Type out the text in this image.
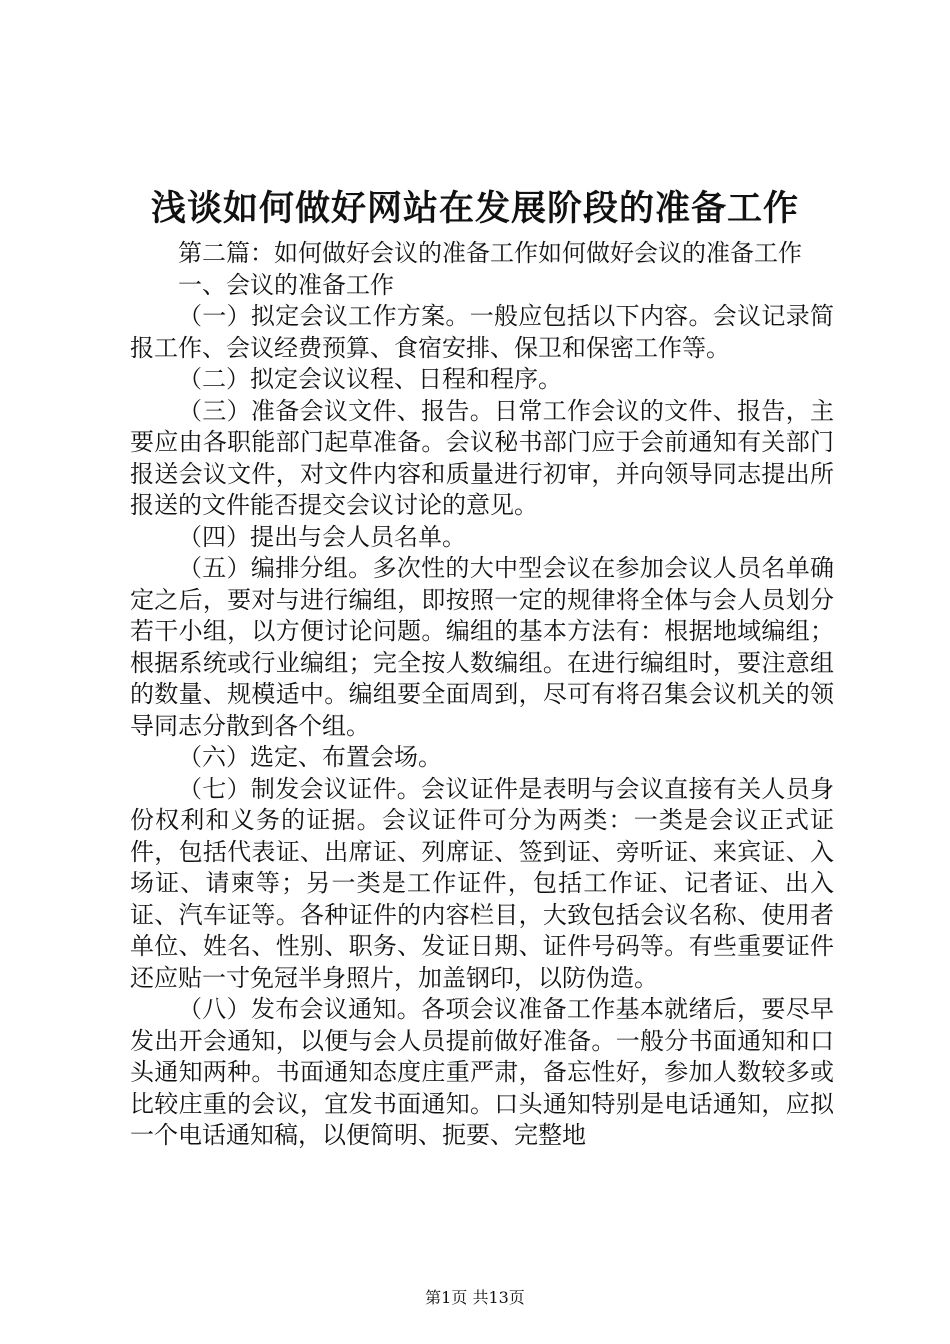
浅谈如何做好网站在发展阶段的准备工作

第二篇：如何做好会议的准备工作如何做好会议的准备工作

一、会议的准备工作

（一）拟定会议工作方案。一般应包括以下内容。会议记录简报工作、会议经费预算、食宿安排、保卫和保密工作等。

（二）拟定会议议程、日程和程序。

（三）准备会议文件、报告。日常工作会议的文件、报告，主要应由各职能部门起草准备。会议秘书部门应于会前通知有关部门报送会议文件，对文件内容和质量进行初审，并向领导同志提出所报送的文件能否提交会议讨论的意见。

（四）提出与会人员名单。

（五）编排分组。多次性的大中型会议在参加会议人员名单确定之后，要对与进行编组，即按照一定的规律将全体与会人员划分若干小组，以方便讨论问题。编组的基本方法有：根据地域编组；根据系统或行业编组；完全按人数编组。在进行编组时，要注意组的数量、规模适中。编组要全面周到，尽可有将召集会议机关的领导同志分散到各个组。

（六）选定、布置会场。

（七）制发会议证件。会议证件是表明与会议直接有关人员身份权利和义务的证据。会议证件可分为两类：一类是会议正式证件，包括代表证、出席证、列席证、签到证、旁听证、来宾证、入场证、请柬等；另一类是工作证件，包括工作证、记者证、出入证、汽车证等。各种证件的内容栏目，大致包括会议名称、使用者单位、姓名、性别、职务、发证日期、证件号码等。有些重要证件还应贴一寸免冠半身照片，加盖钢印，以防伪造。

（八）发布会议通知。各项会议准备工作基本就绪后，要尽早发出开会通知，以便与会人员提前做好准备。一般分书面通知和口头通知两种。书面通知态度庄重严肃，备忘性好，参加人数较多或比较庄重的会议，宜发书面通知。口头通知特别是电话通知，应拟一个电话通知稿，以便简明、扼要、完整地

第1页 共13页
